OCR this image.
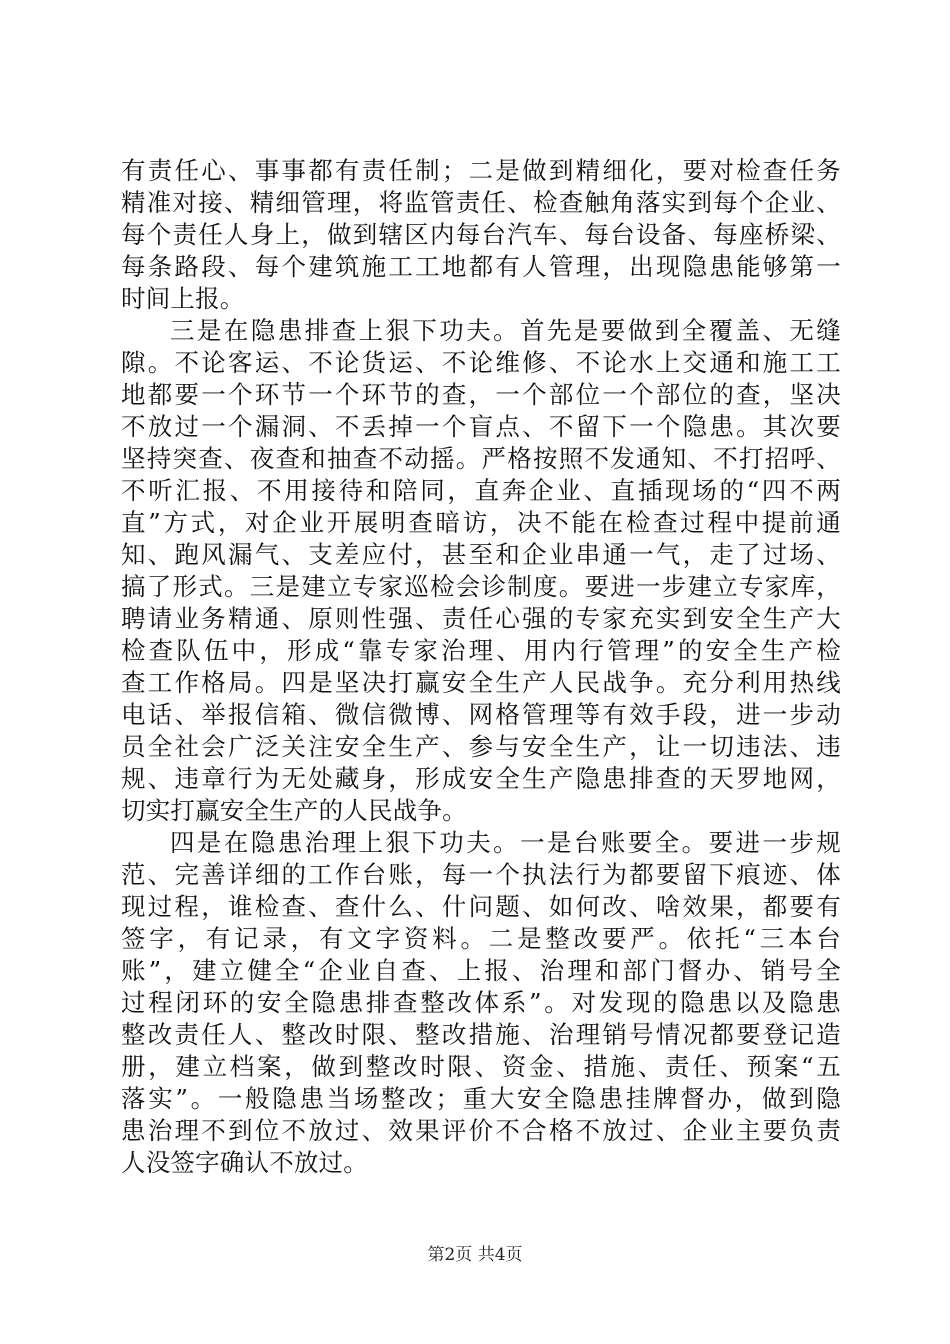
有责任心、事事都有责任制；二是做到精细化，要对检查任务
精准对接、精细管理，将监管责任、检查触角落实到每个企业、
每个责任人身上，做到辖区内每台汽车、每台设备、每座桥梁、
每条路段、每个建筑施工工地都有人管理，出现隐患能够第一
时间上报。
三是在隐患排查上狠下功夫。首先是要做到全覆盖、无缝
隙。不论客运、不论货运、不论维修、不论水上交通和施工工
地都要一个环节一个环节的查，一个部位一个部位的查，坚决
不放过一个漏洞、不丢掉一个盲点、不留下一个隐患。其次要
坚持突查、夜查和抽查不动摇。严格按照不发通知、不打招呼、
不听汇报、不用接待和陪同，直奔企业、直插现场的“四不两
直”方式，对企业开展明查暗访，决不能在检查过程中提前通
知、跑风漏气、支差应付，甚至和企业串通一气，走了过场、
搞了形式。三是建立专家巡检会诊制度。要进一步建立专家库，
聘请业务精通、原则性强、责任心强的专家充实到安全生产大
检查队伍中，形成“靠专家治理、用内行管理”的安全生产检
查工作格局。四是坚决打赢安全生产人民战争。充分利用热线
电话、举报信箱、微信微博、网格管理等有效手段，进一步动
员全社会广泛关注安全生产、参与安全生产，让一切违法、违
规、违章行为无处藏身，形成安全生产隐患排查的天罗地网，
切实打赢安全生产的人民战争。
四是在隐患治理上狠下功夫。一是台账要全。要进一步规
范、完善详细的工作台账，每一个执法行为都要留下痕迹、体
现过程，谁检查、查什么、什问题、如何改、啥效果，都要有
签字，有记录，有文字资料。二是整改要严。依托“三本台
账”，建立健全“企业自查、上报、治理和部门督办、销号全
过程闭环的安全隐患排查整改体系”。对发现的隐患以及隐患
整改责任人、整改时限、整改措施、治理销号情况都要登记造
册，建立档案，做到整改时限、资金、措施、责任、预案“五
落实”。一般隐患当场整改；重大安全隐患挂牌督办，做到隐
患治理不到位不放过、效果评价不合格不放过、企业主要负责
人没签字确认不放过。
第2页 共4页
